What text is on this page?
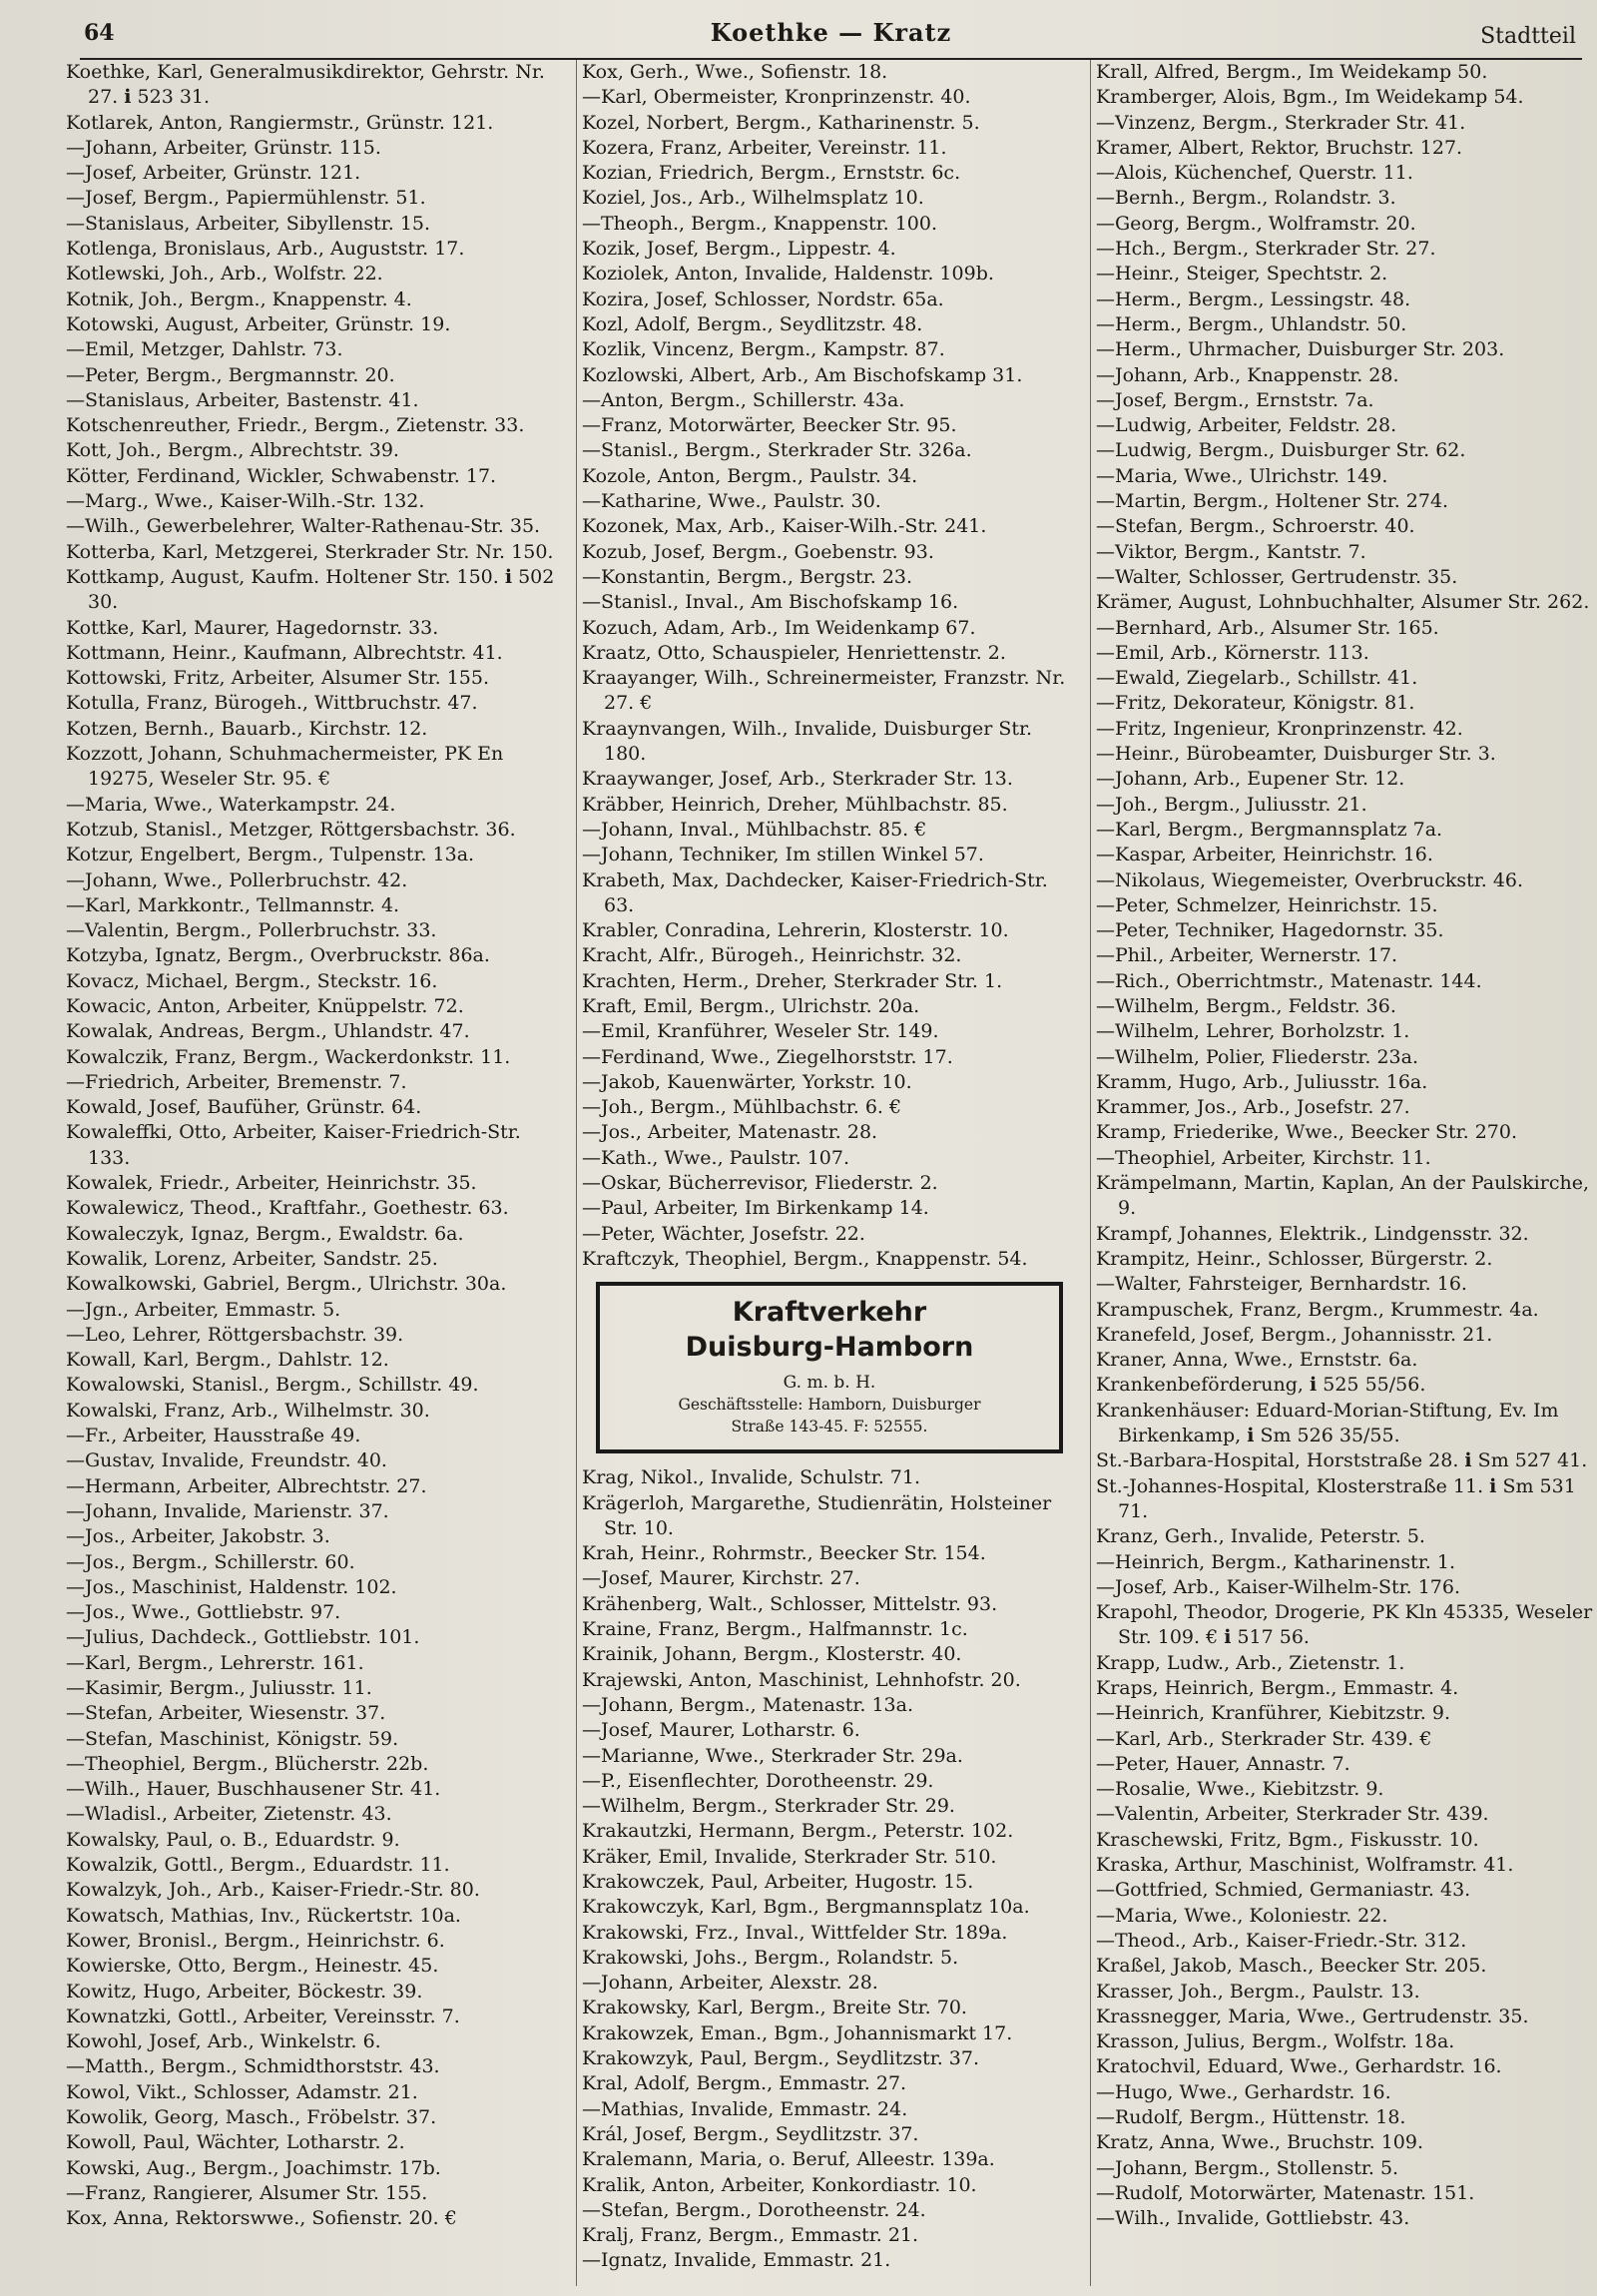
64	Koethke — Kratz	Stadtteil
Koethke, Karl, Generalmusikdirektor, Gehrstr. Nr. 27. ℹ 523 31.
Kotlarek, Anton, Rangiermstr., Grünstr. 121.
—Johann, Arbeiter, Grünstr. 115.
—Josef, Arbeiter, Grünstr. 121.
—Josef, Bergm., Papiermühlenstr. 51.
—Stanislaus, Arbeiter, Sibyllenstr. 15.
Kotlenga, Bronislaus, Arb., Auguststr. 17.
Kotlewski, Joh., Arb., Wolfstr. 22.
Kotnik, Joh., Bergm., Knappenstr. 4.
Kotowski, August, Arbeiter, Grünstr. 19.
—Emil, Metzger, Dahlstr. 73.
—Peter, Bergm., Bergmannstr. 20.
—Stanislaus, Arbeiter, Bastenstr. 41.
Kotschenreuther, Friedr., Bergm., Zietenstr. 33.
Kott, Joh., Bergm., Albrechtstr. 39.
Kötter, Ferdinand, Wickler, Schwabenstr. 17.
—Marg., Wwe., Kaiser-Wilh.-Str. 132.
—Wilh., Gewerbelehrer, Walter-Rathenau-Str. 35.
Kotterba, Karl, Metzgerei, Sterkrader Str. Nr. 150.
Kottkamp, August, Kaufm. Holtener Str. 150. ℹ 502 30.
Kottke, Karl, Maurer, Hagedornstr. 33.
Kottmann, Heinr., Kaufmann, Albrechtstr. 41.
Kottowski, Fritz, Arbeiter, Alsumer Str. 155.
Kotulla, Franz, Bürogeh., Wittbruchstr. 47.
Kotzen, Bernh., Bauarb., Kirchstr. 12.
Kozzott, Johann, Schuhmachermeister, PK En 19275, Weseler Str. 95. €
—Maria, Wwe., Waterkampstr. 24.
Kotzub, Stanisl., Metzger, Röttgersbachstr. 36.
Kotzur, Engelbert, Bergm., Tulpenstr. 13a.
—Johann, Wwe., Pollerbruchstr. 42.
—Karl, Markkontr., Tellmannstr. 4.
—Valentin, Bergm., Pollerbruchstr. 33.
Kotzyba, Ignatz, Bergm., Overbruckstr. 86a.
Kovacz, Michael, Bergm., Steckstr. 16.
Kowacic, Anton, Arbeiter, Knüppelstr. 72.
Kowalak, Andreas, Bergm., Uhlandstr. 47.
Kowalczik, Franz, Bergm., Wackerdonkstr. 11.
—Friedrich, Arbeiter, Bremenstr. 7.
Kowald, Josef, Baufüher, Grünstr. 64.
Kowaleffki, Otto, Arbeiter, Kaiser-Friedrich-Str. 133.
Kowalek, Friedr., Arbeiter, Heinrichstr. 35.
Kowalewicz, Theod., Kraftfahr., Goethestr. 63.
Kowaleczyk, Ignaz, Bergm., Ewaldstr. 6a.
Kowalik, Lorenz, Arbeiter, Sandstr. 25.
Kowalkowski, Gabriel, Bergm., Ulrichstr. 30a.
—Jgn., Arbeiter, Emmastr. 5.
—Leo, Lehrer, Röttgersbachstr. 39.
Kowall, Karl, Bergm., Dahlstr. 12.
Kowalowski, Stanisl., Bergm., Schillstr. 49.
Kowalski, Franz, Arb., Wilhelmstr. 30.
—Fr., Arbeiter, Hausstraße 49.
—Gustav, Invalide, Freundstr. 40.
—Hermann, Arbeiter, Albrechtstr. 27.
—Johann, Invalide, Marienstr. 37.
—Jos., Arbeiter, Jakobstr. 3.
—Jos., Bergm., Schillerstr. 60.
—Jos., Maschinist, Haldenstr. 102.
—Jos., Wwe., Gottliebstr. 97.
—Julius, Dachdeck., Gottliebstr. 101.
—Karl, Bergm., Lehrerstr. 161.
—Kasimir, Bergm., Juliusstr. 11.
—Stefan, Arbeiter, Wiesenstr. 37.
—Stefan, Maschinist, Königstr. 59.
—Theophiel, Bergm., Blücherstr. 22b.
—Wilh., Hauer, Buschhausener Str. 41.
—Wladisl., Arbeiter, Zietenstr. 43.
Kowalsky, Paul, o. B., Eduardstr. 9.
Kowalzik, Gottl., Bergm., Eduardstr. 11.
Kowalzyk, Joh., Arb., Kaiser-Friedr.-Str. 80.
Kowatsch, Mathias, Inv., Rückertstr. 10a.
Kower, Bronisl., Bergm., Heinrichstr. 6.
Kowierske, Otto, Bergm., Heinestr. 45.
Kowitz, Hugo, Arbeiter, Böckestr. 39.
Kownatzki, Gottl., Arbeiter, Vereinsstr. 7.
Kowohl, Josef, Arb., Winkelstr. 6.
—Matth., Bergm., Schmidthorststr. 43.
Kowol, Vikt., Schlosser, Adamstr. 21.
Kowolik, Georg, Masch., Fröbelstr. 37.
Kowoll, Paul, Wächter, Lotharstr. 2.
Kowski, Aug., Bergm., Joachimstr. 17b.
—Franz, Rangierer, Alsumer Str. 155.
Kox, Anna, Rektorswwe., Sofienstr. 20. €
Kox, Gerh., Wwe., Sofienstr. 18.
—Karl, Obermeister, Kronprinzenstr. 40.
Kozel, Norbert, Bergm., Katharinenstr. 5.
Kozera, Franz, Arbeiter, Vereinstr. 11.
Kozian, Friedrich, Bergm., Ernststr. 6c.
Koziel, Jos., Arb., Wilhelmsplatz 10.
—Theoph., Bergm., Knappenstr. 100.
Kozik, Josef, Bergm., Lippestr. 4.
Koziolek, Anton, Invalide, Haldenstr. 109b.
Kozira, Josef, Schlosser, Nordstr. 65a.
Kozl, Adolf, Bergm., Seydlitzstr. 48.
Kozlik, Vincenz, Bergm., Kampstr. 87.
Kozlowski, Albert, Arb., Am Bischofskamp 31.
—Anton, Bergm., Schillerstr. 43a.
—Franz, Motorwärter, Beecker Str. 95.
—Stanisl., Bergm., Sterkrader Str. 326a.
Kozole, Anton, Bergm., Paulstr. 34.
—Katharine, Wwe., Paulstr. 30.
Kozonek, Max, Arb., Kaiser-Wilh.-Str. 241.
Kozub, Josef, Bergm., Goebenstr. 93.
—Konstantin, Bergm., Bergstr. 23.
—Stanisl., Inval., Am Bischofskamp 16.
Kozuch, Adam, Arb., Im Weidenkamp 67.
Kraatz, Otto, Schauspieler, Henriettenstr. 2.
Kraayanger, Wilh., Schreinermeister, Franzstr. Nr. 27. €
Kraaynvangen, Wilh., Invalide, Duisburger Str. 180.
Kraaywanger, Josef, Arb., Sterkrader Str. 13.
Kräbber, Heinrich, Dreher, Mühlbachstr. 85.
—Johann, Inval., Mühlbachstr. 85. €
—Johann, Techniker, Im stillen Winkel 57.
Krabeth, Max, Dachdecker, Kaiser-Friedrich-Str. 63.
Krabler, Conradina, Lehrerin, Klosterstr. 10.
Kracht, Alfr., Bürogeh., Heinrichstr. 32.
Krachten, Herm., Dreher, Sterkrader Str. 1.
Kraft, Emil, Bergm., Ulrichstr. 20a.
—Emil, Kranführer, Weseler Str. 149.
—Ferdinand, Wwe., Ziegelhorststr. 17.
—Jakob, Kauenwärter, Yorkstr. 10.
—Joh., Bergm., Mühlbachstr. 6. €
—Jos., Arbeiter, Matenastr. 28.
—Kath., Wwe., Paulstr. 107.
—Oskar, Bücherrevisor, Fliederstr. 2.
—Paul, Arbeiter, Im Birkenkamp 14.
—Peter, Wächter, Josefstr. 22.
Kraftczyk, Theophiel, Bergm., Knappenstr. 54.
Kraftverkehr
Duisburg-Hamborn
G. m. b. H.
Geschäftsstelle: Hamborn, Duisburger
Straße 143-45. F: 52555.
Krag, Nikol., Invalide, Schulstr. 71.
Krägerloh, Margarethe, Studienrätin, Holsteiner Str. 10.
Krah, Heinr., Rohrmstr., Beecker Str. 154.
—Josef, Maurer, Kirchstr. 27.
Krähenberg, Walt., Schlosser, Mittelstr. 93.
Kraine, Franz, Bergm., Halfmannstr. 1c.
Krainik, Johann, Bergm., Klosterstr. 40.
Krajewski, Anton, Maschinist, Lehnhofstr. 20.
—Johann, Bergm., Matenastr. 13a.
—Josef, Maurer, Lotharstr. 6.
—Marianne, Wwe., Sterkrader Str. 29a.
—P., Eisenflechter, Dorotheenstr. 29.
—Wilhelm, Bergm., Sterkrader Str. 29.
Krakautzki, Hermann, Bergm., Peterstr. 102.
Kräker, Emil, Invalide, Sterkrader Str. 510.
Krakowczek, Paul, Arbeiter, Hugostr. 15.
Krakowczyk, Karl, Bgm., Bergmannsplatz 10a.
Krakowski, Frz., Inval., Wittfelder Str. 189a.
Krakowski, Johs., Bergm., Rolandstr. 5.
—Johann, Arbeiter, Alexstr. 28.
Krakowsky, Karl, Bergm., Breite Str. 70.
Krakowzek, Eman., Bgm., Johannismarkt 17.
Krakowzyk, Paul, Bergm., Seydlitzstr. 37.
Kral, Adolf, Bergm., Emmastr. 27.
—Mathias, Invalide, Emmastr. 24.
Král, Josef, Bergm., Seydlitzstr. 37.
Kralemann, Maria, o. Beruf, Alleestr. 139a.
Kralik, Anton, Arbeiter, Konkordiastr. 10.
—Stefan, Bergm., Dorotheenstr. 24.
Kralj, Franz, Bergm., Emmastr. 21.
—Ignatz, Invalide, Emmastr. 21.
Krall, Alfred, Bergm., Im Weidekamp 50.
Kramberger, Alois, Bgm., Im Weidekamp 54.
—Vinzenz, Bergm., Sterkrader Str. 41.
Kramer, Albert, Rektor, Bruchstr. 127.
—Alois, Küchenchef, Querstr. 11.
—Bernh., Bergm., Rolandstr. 3.
—Georg, Bergm., Wolframstr. 20.
—Hch., Bergm., Sterkrader Str. 27.
—Heinr., Steiger, Spechtstr. 2.
—Herm., Bergm., Lessingstr. 48.
—Herm., Bergm., Uhlandstr. 50.
—Herm., Uhrmacher, Duisburger Str. 203.
—Johann, Arb., Knappenstr. 28.
—Josef, Bergm., Ernststr. 7a.
—Ludwig, Arbeiter, Feldstr. 28.
—Ludwig, Bergm., Duisburger Str. 62.
—Maria, Wwe., Ulrichstr. 149.
—Martin, Bergm., Holtener Str. 274.
—Stefan, Bergm., Schroerstr. 40.
—Viktor, Bergm., Kantstr. 7.
—Walter, Schlosser, Gertrudenstr. 35.
Krämer, August, Lohnbuchhalter, Alsumer Str. 262.
—Bernhard, Arb., Alsumer Str. 165.
—Emil, Arb., Körnerstr. 113.
—Ewald, Ziegelarb., Schillstr. 41.
—Fritz, Dekorateur, Königstr. 81.
—Fritz, Ingenieur, Kronprinzenstr. 42.
—Heinr., Bürobeamter, Duisburger Str. 3.
—Johann, Arb., Eupener Str. 12.
—Joh., Bergm., Juliusstr. 21.
—Karl, Bergm., Bergmannsplatz 7a.
—Kaspar, Arbeiter, Heinrichstr. 16.
—Nikolaus, Wiegemeister, Overbruckstr. 46.
—Peter, Schmelzer, Heinrichstr. 15.
—Peter, Techniker, Hagedornstr. 35.
—Phil., Arbeiter, Wernerstr. 17.
—Rich., Oberrichtmstr., Matenastr. 144.
—Wilhelm, Bergm., Feldstr. 36.
—Wilhelm, Lehrer, Borholzstr. 1.
—Wilhelm, Polier, Fliederstr. 23a.
Kramm, Hugo, Arb., Juliusstr. 16a.
Krammer, Jos., Arb., Josefstr. 27.
Kramp, Friederike, Wwe., Beecker Str. 270.
—Theophiel, Arbeiter, Kirchstr. 11.
Krämpelmann, Martin, Kaplan, An der Paulskirche, 9.
Krampf, Johannes, Elektrik., Lindgensstr. 32.
Krampitz, Heinr., Schlosser, Bürgerstr. 2.
—Walter, Fahrsteiger, Bernhardstr. 16.
Krampuschek, Franz, Bergm., Krummestr. 4a.
Kranefeld, Josef, Bergm., Johannisstr. 21.
Kraner, Anna, Wwe., Ernststr. 6a.
Krankenbeförderung, ℹ 525 55/56.
Krankenhäuser: Eduard-Morian-Stiftung, Ev. Im Birkenkamp, ℹ Sm 526 35/55.
St.-Barbara-Hospital, Horststraße 28. ℹ Sm 527 41.
St.-Johannes-Hospital, Klosterstraße 11. ℹ Sm 531 71.
Kranz, Gerh., Invalide, Peterstr. 5.
—Heinrich, Bergm., Katharinenstr. 1.
—Josef, Arb., Kaiser-Wilhelm-Str. 176.
Krapohl, Theodor, Drogerie, PK Kln 45335, Weseler Str. 109. € ℹ 517 56.
Krapp, Ludw., Arb., Zietenstr. 1.
Kraps, Heinrich, Bergm., Emmastr. 4.
—Heinrich, Kranführer, Kiebitzstr. 9.
—Karl, Arb., Sterkrader Str. 439. €
—Peter, Hauer, Annastr. 7.
—Rosalie, Wwe., Kiebitzstr. 9.
—Valentin, Arbeiter, Sterkrader Str. 439.
Kraschewski, Fritz, Bgm., Fiskusstr. 10.
Kraska, Arthur, Maschinist, Wolframstr. 41.
—Gottfried, Schmied, Germaniastr. 43.
—Maria, Wwe., Koloniestr. 22.
—Theod., Arb., Kaiser-Friedr.-Str. 312.
Kraßel, Jakob, Masch., Beecker Str. 205.
Krasser, Joh., Bergm., Paulstr. 13.
Krassnegger, Maria, Wwe., Gertrudenstr. 35.
Krasson, Julius, Bergm., Wolfstr. 18a.
Kratochvil, Eduard, Wwe., Gerhardstr. 16.
—Hugo, Wwe., Gerhardstr. 16.
—Rudolf, Bergm., Hüttenstr. 18.
Kratz, Anna, Wwe., Bruchstr. 109.
—Johann, Bergm., Stollenstr. 5.
—Rudolf, Motorwärter, Matenastr. 151.
—Wilh., Invalide, Gottliebstr. 43.
